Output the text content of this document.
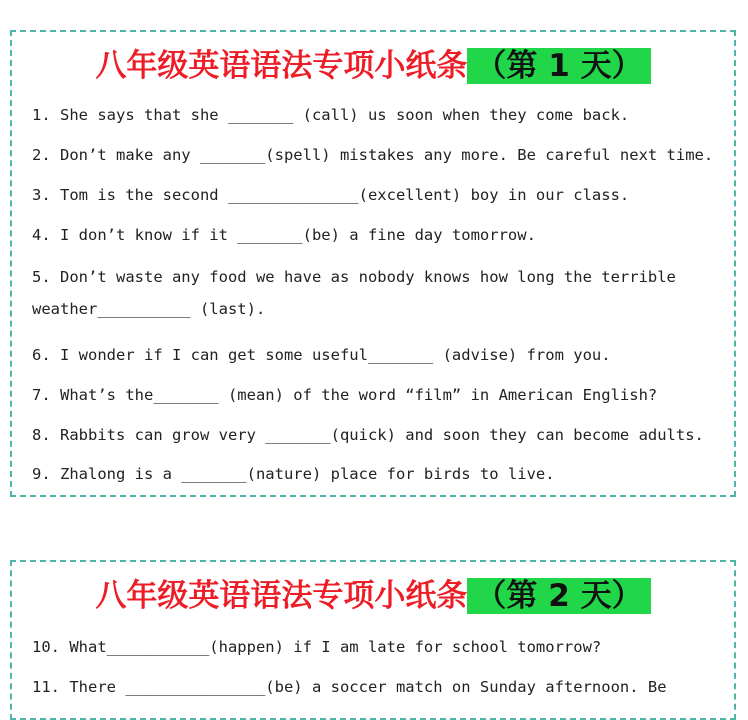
八年级英语语法专项小纸条 （第 1 天）
1. She says that she _______ (call) us soon when they come back.
2. Don’t make any _______(spell) mistakes any more. Be careful next time.
3. Tom is the second ______________(excellent) boy in our class.
4. I don’t know if it _______(be) a fine day tomorrow.
5. Don’t waste any food we have as nobody knows how long the terrible weather__________ (last).
6. I wonder if I can get some useful_______ (advise) from you.
7. What’s the_______ (mean) of the word “film” in American English?
8. Rabbits can grow very _______(quick) and soon they can become adults.
9. Zhalong is a _______(nature) place for birds to live.
八年级英语语法专项小纸条 （第 2 天）
10. What___________(happen) if I am late for school tomorrow?
11. There _______________(be) a soccer match on Sunday afternoon. Be
